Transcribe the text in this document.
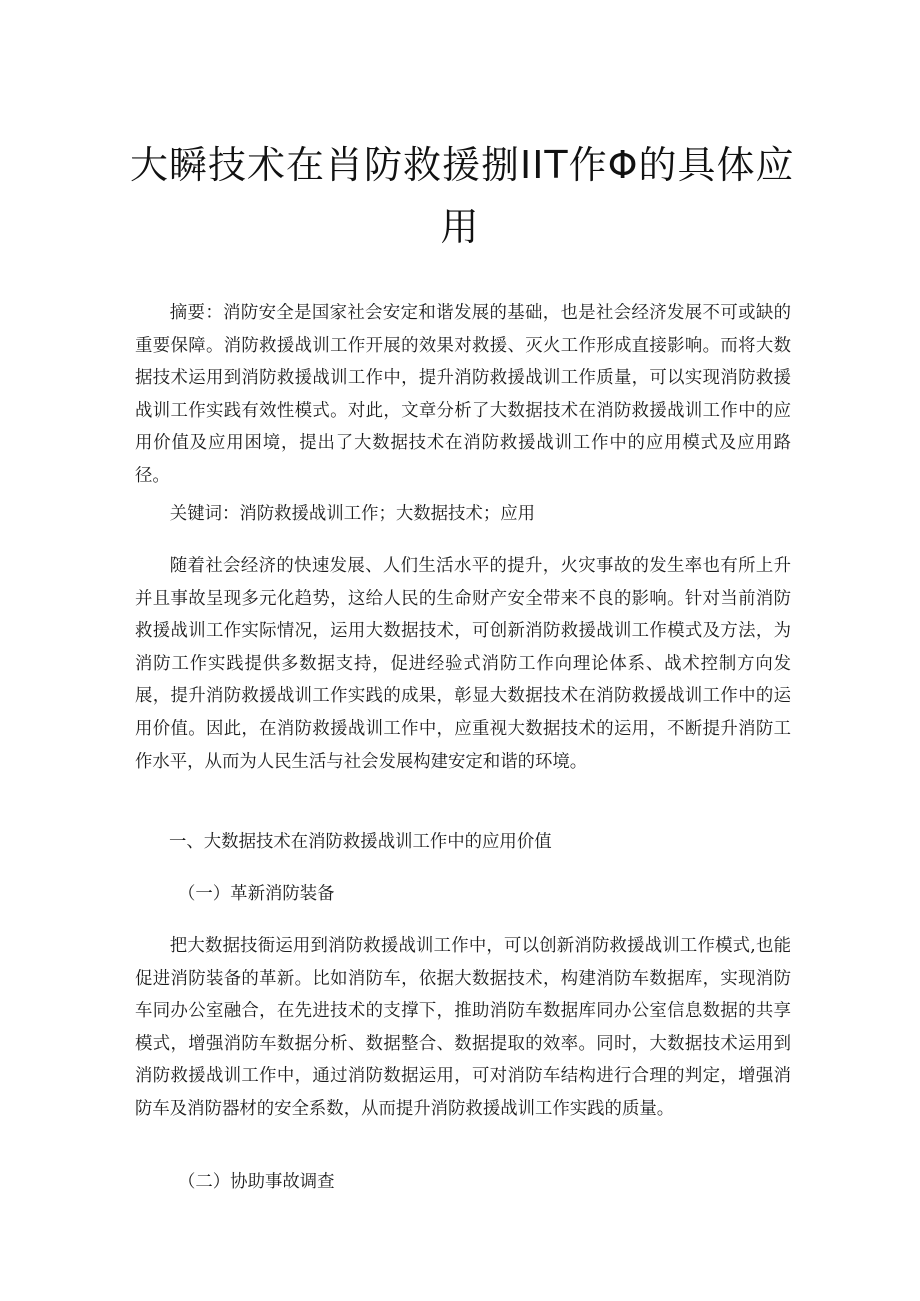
大瞬技术在肖防救援捌IIT作Φ的具体应
用

摘要：消防安全是国家社会安定和谐发展的基础，也是社会经济发展不可或缺的重要保障。消防救援战训工作开展的效果对救援、灭火工作形成直接影响。而将大数据技术运用到消防救援战训工作中，提升消防救援战训工作质量，可以实现消防救援战训工作实践有效性模式。对此，文章分析了大数据技术在消防救援战训工作中的应用价值及应用困境，提出了大数据技术在消防救援战训工作中的应用模式及应用路径。

关键词：消防救援战训工作；大数据技术；应用

随着社会经济的快速发展、人们生活水平的提升，火灾事故的发生率也有所上升并且事故呈现多元化趋势，这给人民的生命财产安全带来不良的影响。针对当前消防救援战训工作实际情况，运用大数据技术，可创新消防救援战训工作模式及方法，为消防工作实践提供多数据支持，促进经验式消防工作向理论体系、战术控制方向发展，提升消防救援战训工作实践的成果，彰显大数据技术在消防救援战训工作中的运用价值。因此，在消防救援战训工作中，应重视大数据技术的运用，不断提升消防工作水平，从而为人民生活与社会发展构建安定和谐的环境。

一、大数据技术在消防救援战训工作中的应用价值
（一）革新消防装备

把大数据技衙运用到消防救援战训工作中，可以创新消防救援战训工作模式,也能促进消防装备的革新。比如消防车，依据大数据技术，构建消防车数据库，实现消防车同办公室融合，在先进技术的支撑下，推助消防车数据库同办公室信息数据的共享模式，增强消防车数据分析、数据整合、数据提取的效率。同时，大数据技术运用到消防救援战训工作中，通过消防数据运用，可对消防车结构进行合理的判定，增强消防车及消防器材的安全系数，从而提升消防救援战训工作实践的质量。

（二）协助事故调查
